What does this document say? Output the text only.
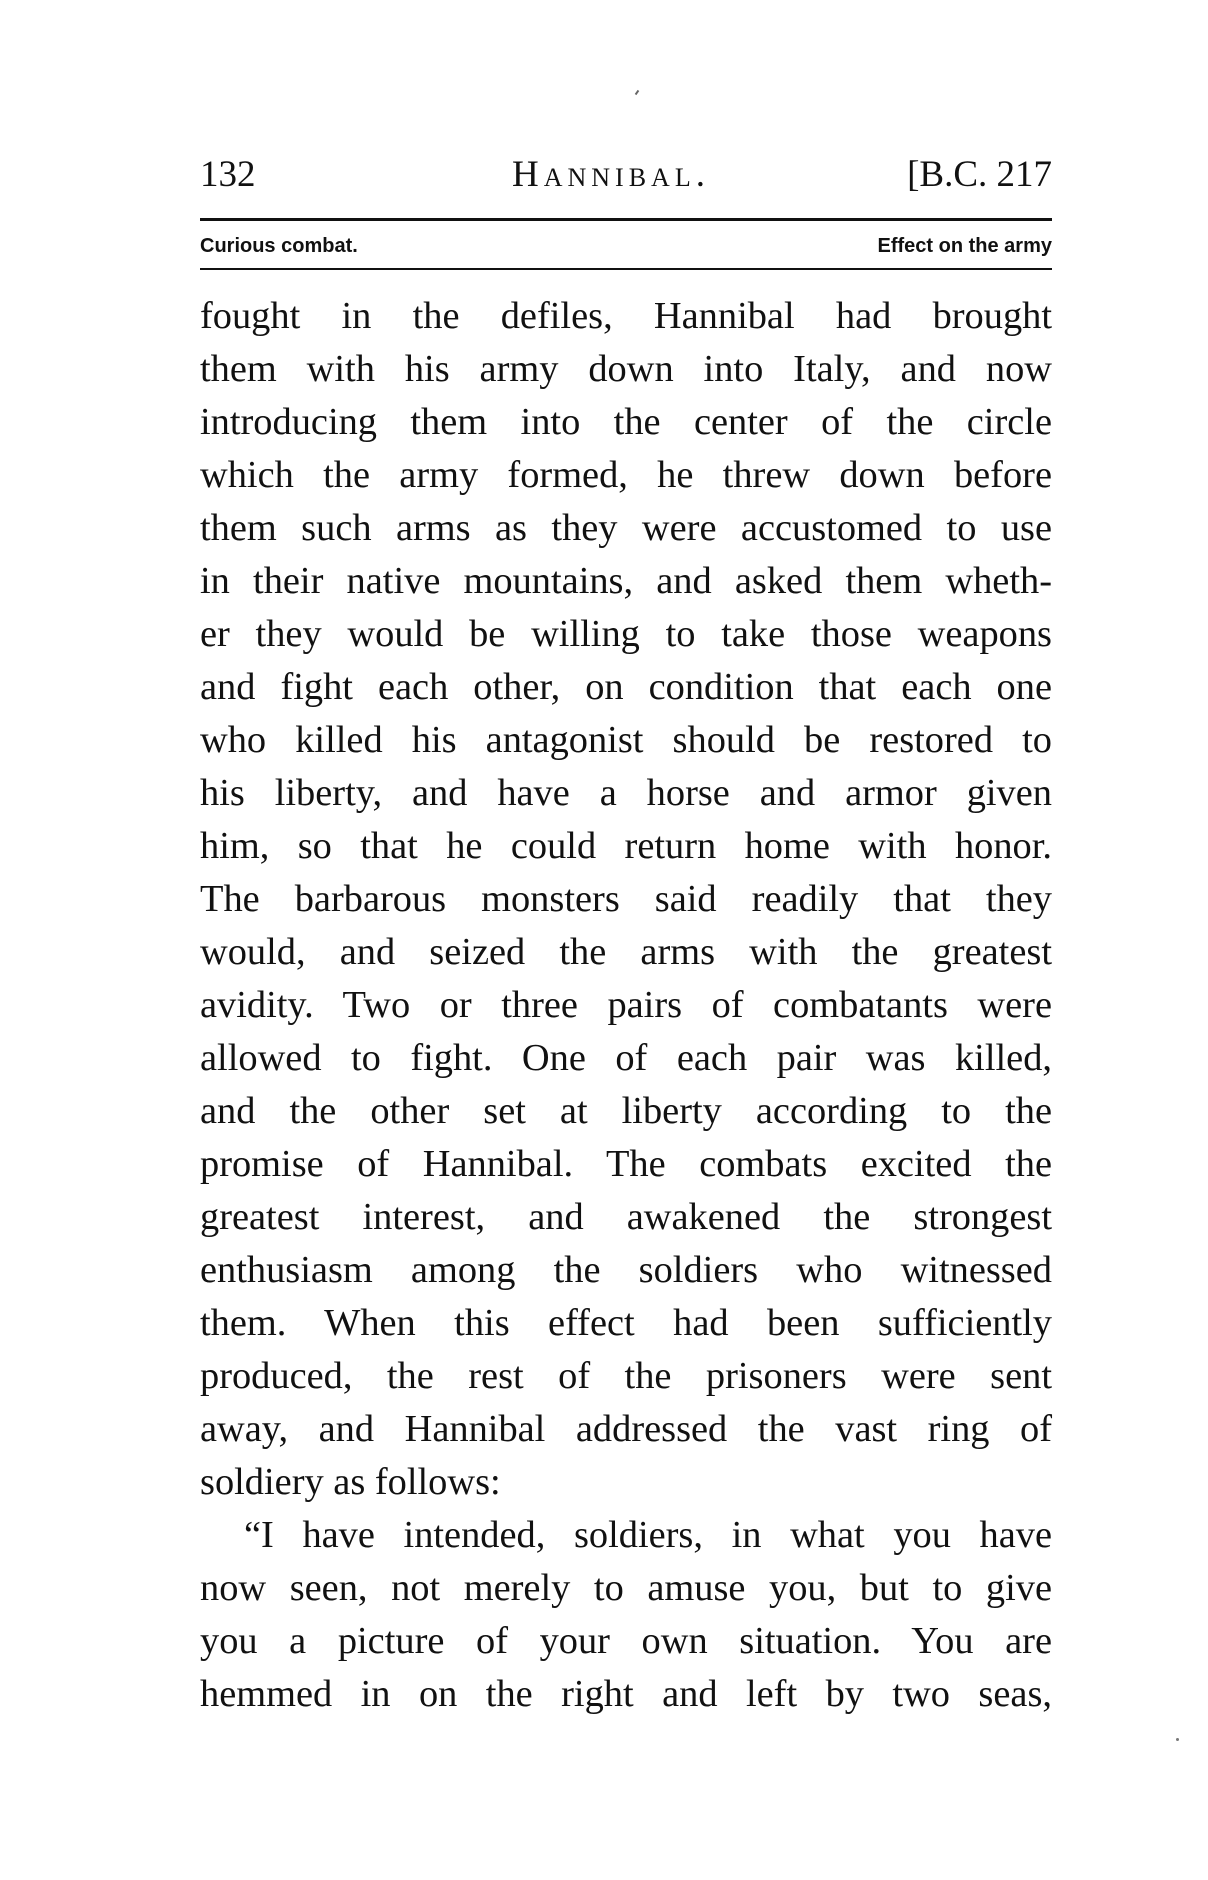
132	Hannibal.	[B.C. 217
Curious combat.	Effect on the army
fought in the defiles, Hannibal had brought
them with his army down into Italy, and now
introducing them into the center of the circle
which the army formed, he threw down before
them such arms as they were accustomed to use
in their native mountains, and asked them wheth-
er they would be willing to take those weapons
and fight each other, on condition that each one
who killed his antagonist should be restored to
his liberty, and have a horse and armor given
him, so that he could return home with honor.
The barbarous monsters said readily that they
would, and seized the arms with the greatest
avidity. Two or three pairs of combatants were
allowed to fight. One of each pair was killed,
and the other set at liberty according to the
promise of Hannibal. The combats excited the
greatest interest, and awakened the strongest
enthusiasm among the soldiers who witnessed
them. When this effect had been sufficiently
produced, the rest of the prisoners were sent
away, and Hannibal addressed the vast ring of
soldiery as follows:
“I have intended, soldiers, in what you have
now seen, not merely to amuse you, but to give
you a picture of your own situation. You are
hemmed in on the right and left by two seas,
